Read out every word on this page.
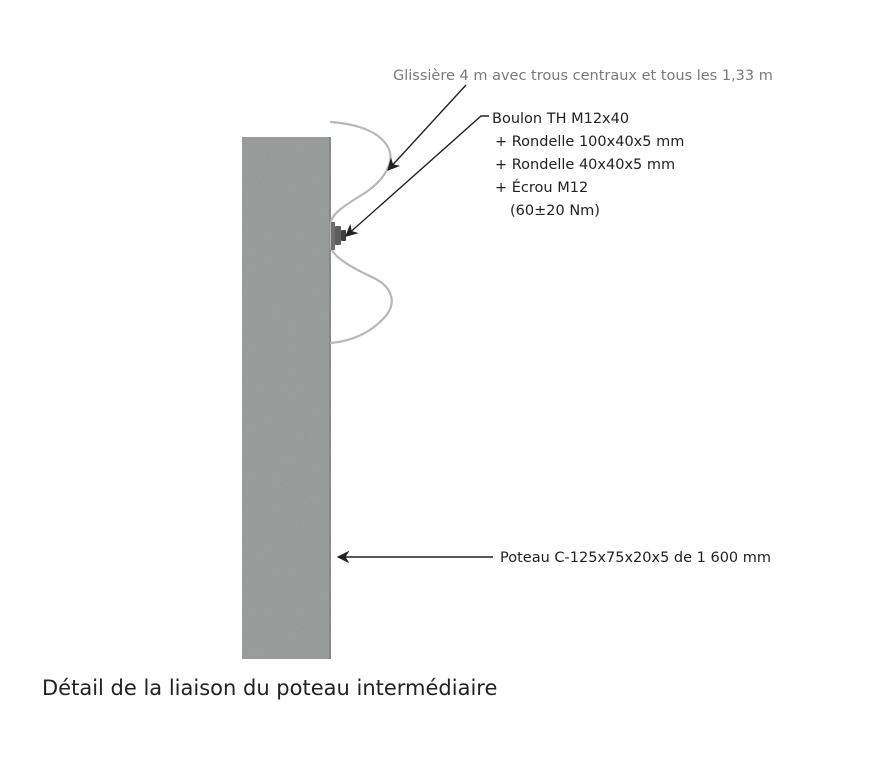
Glissière 4 m avec trous centraux et tous les 1,33 m
Boulon TH M12x40
+ Rondelle 100x40x5 mm
+ Rondelle 40x40x5 mm
+ Écrou M12
(60±20 Nm)
Poteau C-125x75x20x5 de 1 600 mm
Détail de la liaison du poteau intermédiaire
